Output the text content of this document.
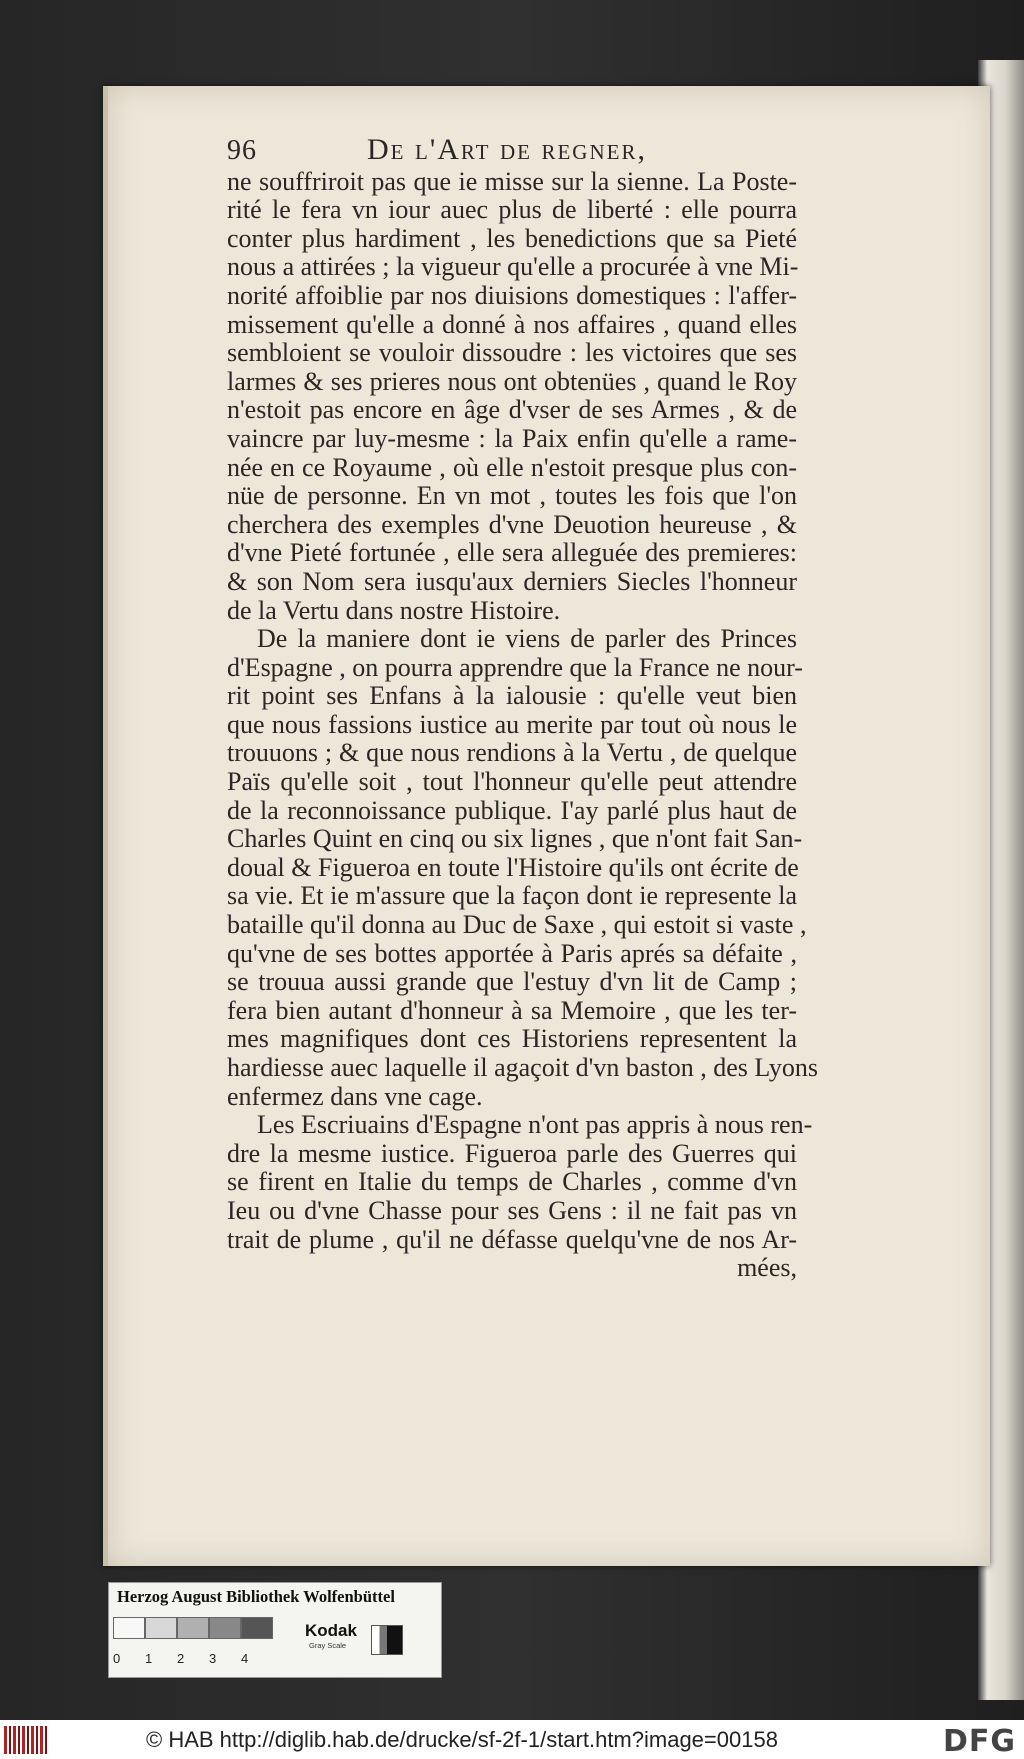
96	De l'Art de regner,
ne souffriroit pas que ie misse sur la sienne. La Poste-
rité le fera vn iour auec plus de liberté : elle pourra
conter plus hardiment , les benedictions que sa Pieté
nous a attirées ; la vigueur qu'elle a procurée à vne Mi-
norité affoiblie par nos diuisions domestiques : l'affer-
missement qu'elle a donné à nos affaires , quand elles
sembloient se vouloir dissoudre : les victoires que ses
larmes & ses prieres nous ont obtenües , quand le Roy
n'estoit pas encore en âge d'vser de ses Armes , & de
vaincre par luy-mesme : la Paix enfin qu'elle a rame-
née en ce Royaume , où elle n'estoit presque plus con-
nüe de personne. En vn mot , toutes les fois que l'on
cherchera des exemples d'vne Deuotion heureuse , &
d'vne Pieté fortunée , elle sera alleguée des premieres:
& son Nom sera iusqu'aux derniers Siecles l'honneur
de la Vertu dans nostre Histoire.
De la maniere dont ie viens de parler des Princes
d'Espagne , on pourra apprendre que la France ne nour-
rit point ses Enfans à la ialousie : qu'elle veut bien
que nous fassions iustice au merite par tout où nous le
trouuons ; & que nous rendions à la Vertu , de quelque
Païs qu'elle soit , tout l'honneur qu'elle peut attendre
de la reconnoissance publique. I'ay parlé plus haut de
Charles Quint en cinq ou six lignes , que n'ont fait San-
doual & Figueroa en toute l'Histoire qu'ils ont écrite de
sa vie. Et ie m'assure que la façon dont ie represente la
bataille qu'il donna au Duc de Saxe , qui estoit si vaste ,
qu'vne de ses bottes apportée à Paris aprés sa défaite ,
se trouua aussi grande que l'estuy d'vn lit de Camp ;
fera bien autant d'honneur à sa Memoire , que les ter-
mes magnifiques dont ces Historiens representent la
hardiesse auec laquelle il agaçoit d'vn baston , des Lyons
enfermez dans vne cage.
Les Escriuains d'Espagne n'ont pas appris à nous ren-
dre la mesme iustice. Figueroa parle des Guerres qui
se firent en Italie du temps de Charles , comme d'vn
Ieu ou d'vne Chasse pour ses Gens : il ne fait pas vn
trait de plume , qu'il ne défasse quelqu'vne de nos Ar-
mées,
Herzog August Bibliothek Wolfenbüttel
0	1	2	3	4
Kodak
Gray Scale
© HAB http://diglib.hab.de/drucke/sf-2f-1/start.htm?image=00158	DFG
